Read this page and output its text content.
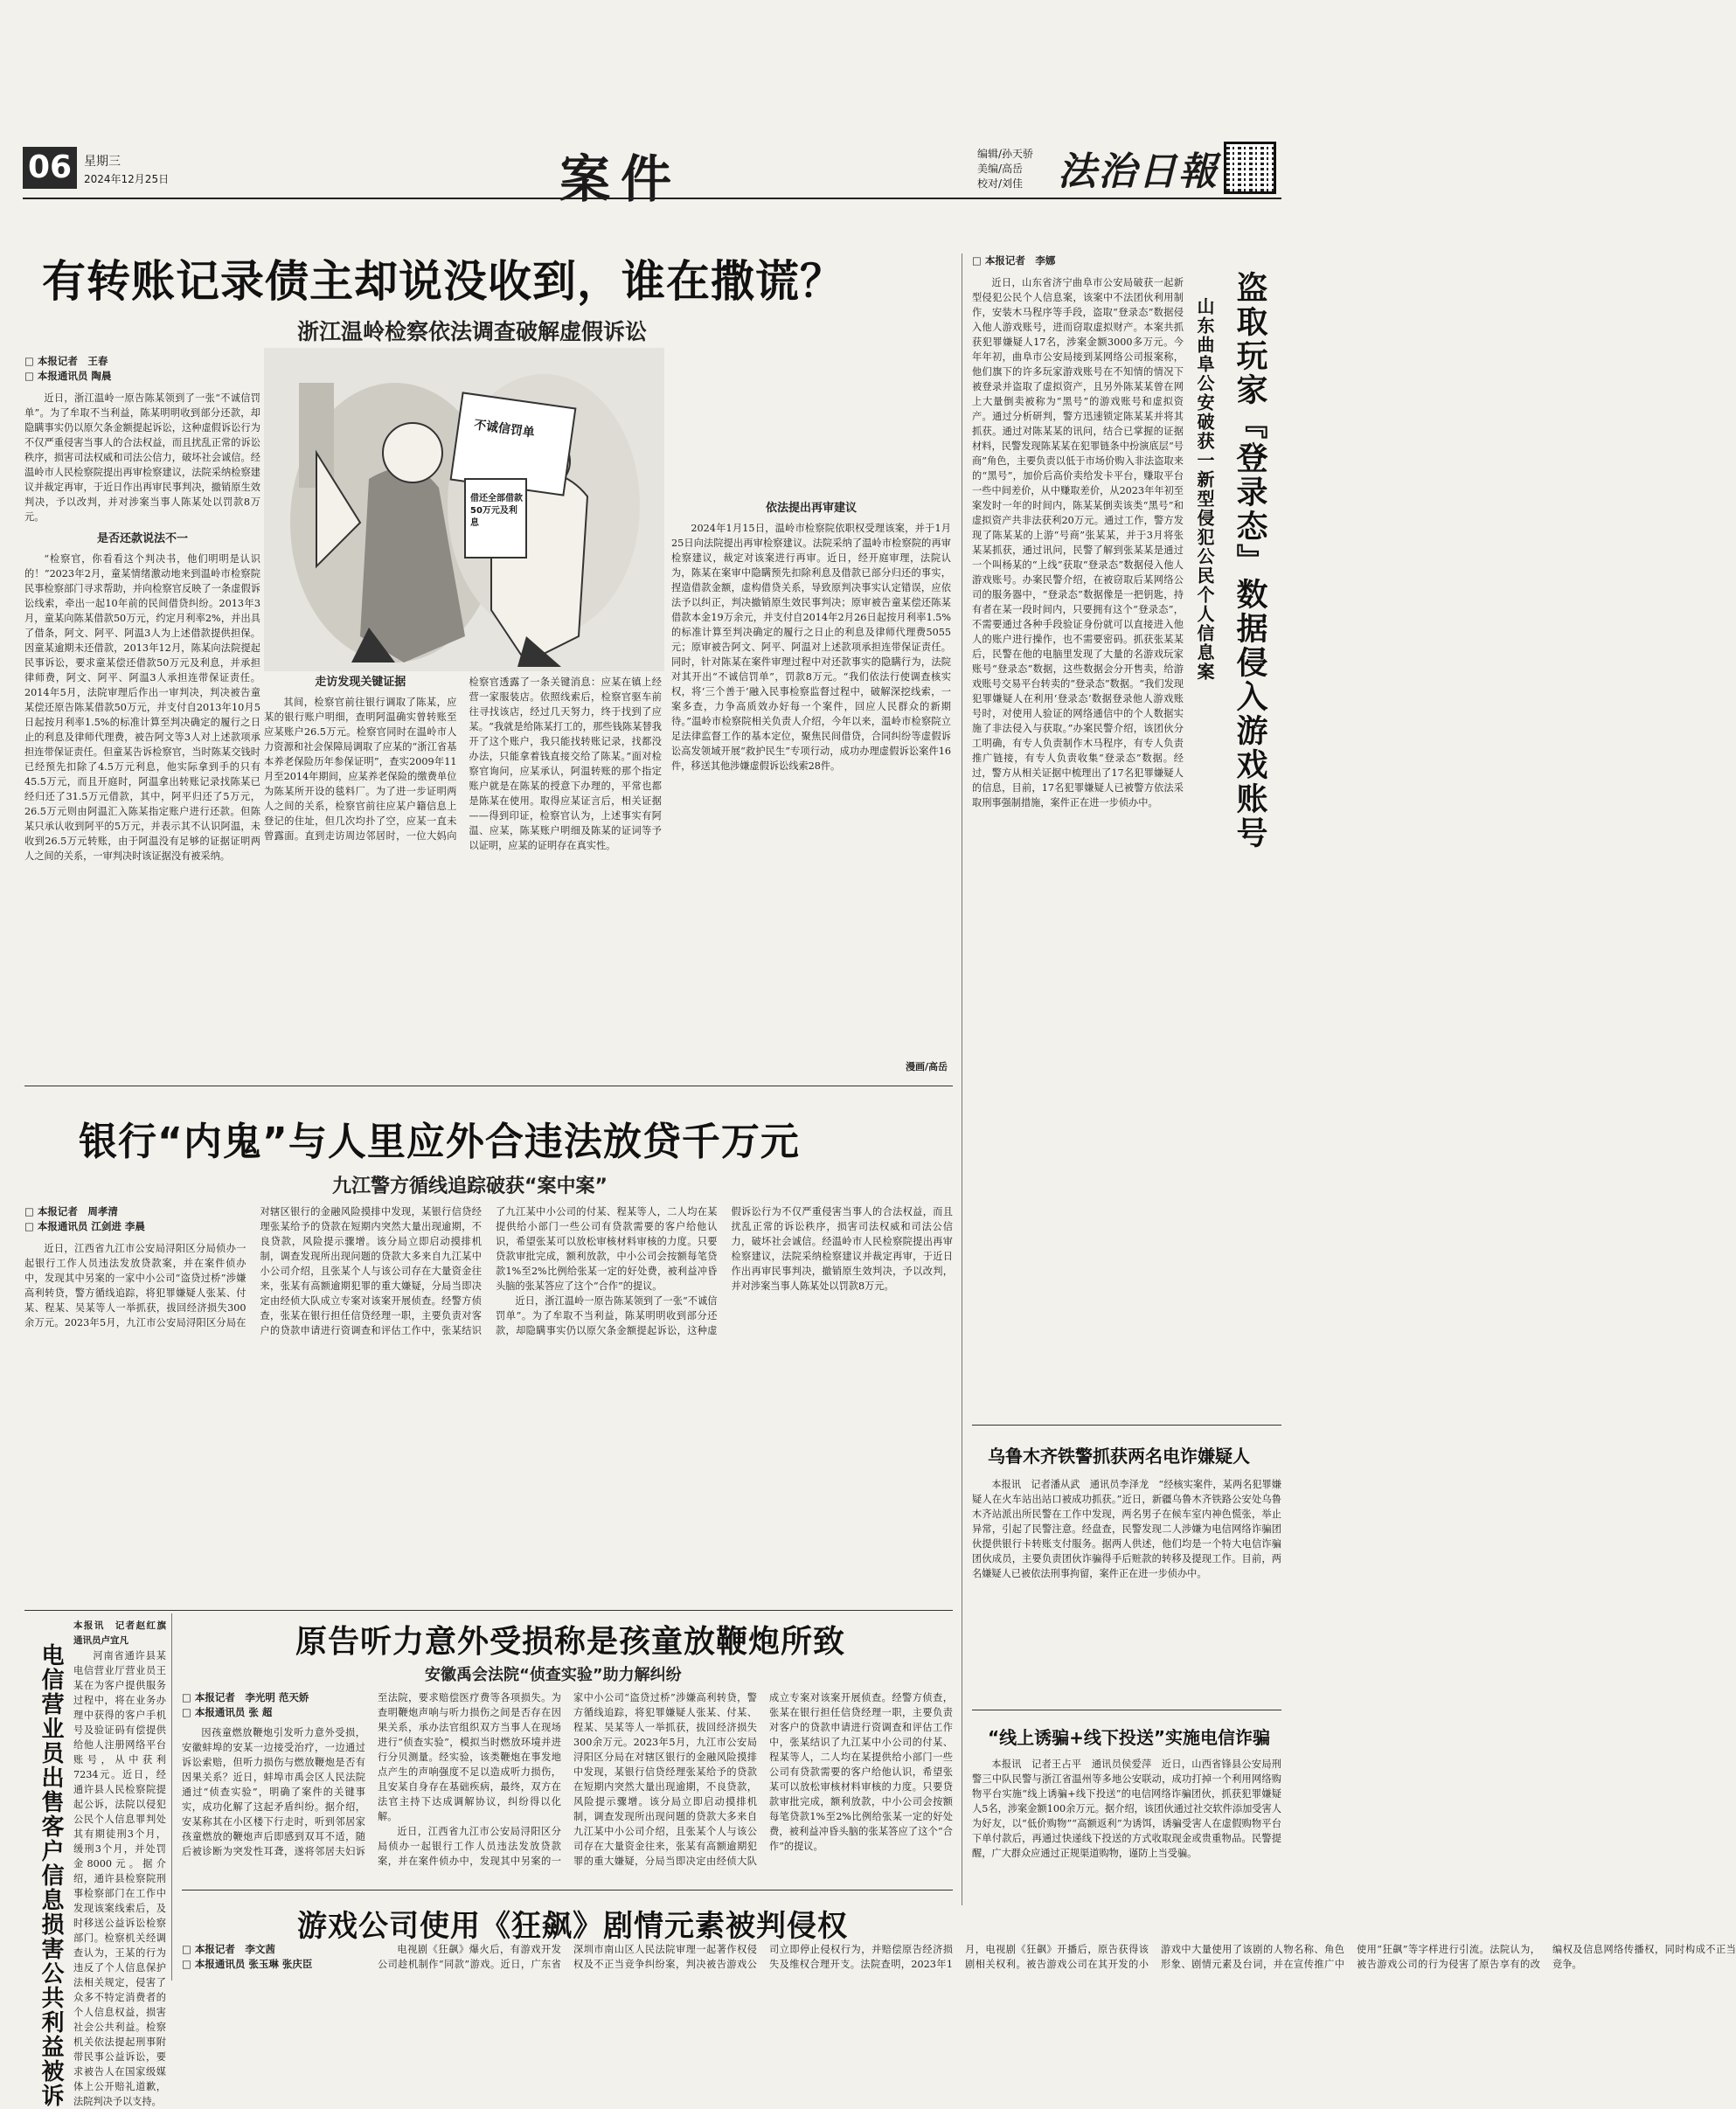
06 星期三
2024年12月25日	案件	编辑/孙天骄
美编/高岳
校对/刘佳 法治日報
有转账记录债主却说没收到，谁在撒谎？
浙江温岭检察依法调查破解虚假诉讼
□ 本报记者　王春
□ 本报通讯员 陶晨

近日，浙江温岭一原告陈某领到了一张“不诚信罚单”。为了牟取不当利益，陈某明明收到部分还款，却隐瞒事实仍以原欠条金额提起诉讼，这种虚假诉讼行为不仅严重侵害当事人的合法权益，而且扰乱正常的诉讼秩序，损害司法权威和司法公信力，破坏社会诚信。经温岭市人民检察院提出再审检察建议，法院采纳检察建议并裁定再审，于近日作出再审民事判决，撤销原生效判决，予以改判，并对涉案当事人陈某处以罚款8万元。

是否还款说法不一

“检察官，你看看这个判决书，他们明明是认识的！”2023年2月，童某情绪激动地来到温岭市检察院民事检察部门寻求帮助，并向检察官反映了一条虚假诉讼线索，牵出一起10年前的民间借贷纠纷。2013年3月，童某向陈某借款50万元，约定月利率2%，并出具了借条，阿文、阿平、阿温3人为上述借款提供担保。因童某逾期未还借款，2013年12月，陈某向法院提起民事诉讼，要求童某偿还借款50万元及利息，并承担律师费，阿文、阿平、阿温3人承担连带保证责任。2014年5月，法院审理后作出一审判决，判决被告童某偿还原告陈某借款50万元，并支付自2013年10月5日起按月利率1.5%的标准计算至判决确定的履行之日止的利息及律师代理费，被告阿文等3人对上述款项承担连带保证责任。但童某告诉检察官，当时陈某交钱时已经预先扣除了4.5万元利息，他实际拿到手的只有45.5万元，而且开庭时，阿温拿出转账记录找陈某已经归还了31.5万元借款，其中，阿平归还了5万元，26.5万元则由阿温汇入陈某指定账户进行还款。但陈某只承认收到阿平的5万元，并表示其不认识阿温，未收到26.5万元转账，由于阿温没有足够的证据证明两人之间的关系，一审判决时该证据没有被采纳。

不诚信罚单
借还全部借款50万元及利息
走访发现关键证据

其间，检察官前往银行调取了陈某，应某的银行账户明细，查明阿温确实曾转账至应某账户26.5万元。检察官同时在温岭市人力资源和社会保障局调取了应某的“浙江省基本养老保险历年参保证明”，查实2009年11月至2014年期间，应某养老保险的缴费单位为陈某所开设的毯料厂。为了进一步证明两人之间的关系，检察官前往应某户籍信息上登记的住址，但几次均扑了空，应某一直未曾露面。直到走访周边邻居时，一位大妈向检察官透露了一条关键消息：应某在镇上经营一家服装店。依照线索后，检察官驱车前往寻找该店，经过几天努力，终于找到了应某。“我就是给陈某打工的，那些钱陈某替我开了这个账户，我只能找转账记录，找都没办法，只能拿着钱直接交给了陈某。”面对检察官询问，应某承认，阿温转账的那个指定账户就是在陈某的授意下办理的，平常也都是陈某在使用。取得应某证言后，相关证据——得到印证，检察官认为，上述事实有阿温、应某，陈某账户明细及陈某的证词等予以证明，应某的证明存在真实性。

依法提出再审建议

2024年1月15日，温岭市检察院依职权受理该案，并于1月25日向法院提出再审检察建议。法院采纳了温岭市检察院的再审检察建议，裁定对该案进行再审。近日，经开庭审理，法院认为，陈某在案审中隐瞒预先扣除利息及借款已部分归还的事实，捏造借款金额，虚构借贷关系，导致原判决事实认定错误，应依法予以纠正，判决撤销原生效民事判决；原审被告童某偿还陈某借款本金19万余元，并支付自2014年2月26日起按月利率1.5%的标准计算至判决确定的履行之日止的利息及律师代理费5055元；原审被告阿文、阿平、阿温对上述款项承担连带保证责任。同时，针对陈某在案件审理过程中对还款事实的隐瞒行为，法院对其开出“不诚信罚单”，罚款8万元。“我们依法行使调查核实权，将‘三个善于’融入民事检察监督过程中，破解深挖线索，一案多查，力争高质效办好每一个案件，回应人民群众的新期待。”温岭市检察院相关负责人介绍，今年以来，温岭市检察院立足法律监督工作的基本定位，聚焦民间借贷，合同纠纷等虚假诉讼高发领域开展“救护民生”专项行动，成功办理虚假诉讼案件16件，移送其他涉嫌虚假诉讼线索28件。

漫画/高岳
□ 本报记者　李娜

近日，山东省济宁曲阜市公安局破获一起新型侵犯公民个人信息案，该案中不法团伙利用制作，安装木马程序等手段，盗取“登录态”数据侵入他人游戏账号，进而窃取虚拟财产。本案共抓获犯罪嫌疑人17名，涉案金额3000多万元。今年年初，曲阜市公安局接到某网络公司报案称，他们旗下的许多玩家游戏账号在不知情的情况下被登录并盗取了虚拟资产，且另外陈某某曾在网上大量倒卖被称为“黑号”的游戏账号和虚拟资产。通过分析研判，警方迅速锁定陈某某并将其抓获。通过对陈某某的讯问，结合已掌握的证据材料，民警发现陈某某在犯罪链条中扮演底层“号商”角色，主要负责以低于市场价购入非法盗取来的“黑号”，加价后高价卖给发卡平台，赚取平台一些中间差价，从中赚取差价，从2023年年初至案发时一年的时间内，陈某某倒卖该类“黑号”和虚拟资产共非法获利20万元。通过工作，警方发现了陈某某的上游“号商”张某某，并于3月将张某某抓获，通过讯问，民警了解到张某某是通过一个叫杨某的“上线”获取“登录态”数据侵入他人游戏账号。办案民警介绍，在被窃取后某网络公司的服务器中，“登录态”数据像是一把钥匙，持有者在某一段时间内，只要拥有这个“登录态”，不需要通过各种手段验证身份就可以直接进入他人的账户进行操作，也不需要密码。抓获张某某后，民警在他的电脑里发现了大量的名游戏玩家账号“登录态”数据，这些数据会分开售卖，给游戏账号交易平台转卖的“登录态”数据。“我们发现犯罪嫌疑人在利用‘登录态’数据登录他人游戏账号时，对使用人验证的网络通信中的个人数据实施了非法侵入与获取。”办案民警介绍，该团伙分工明确，有专人负责制作木马程序，有专人负责推广链接，有专人负责收集“登录态”数据。经过，警方从相关证据中梳理出了17名犯罪嫌疑人的信息，目前，17名犯罪嫌疑人已被警方依法采取刑事强制措施，案件正在进一步侦办中。	盗取玩家『登录态』数据侵入游戏账号
山东曲阜公安破获一新型侵犯公民个人信息案
银行“内鬼”与人里应外合违法放贷千万元
九江警方循线追踪破获“案中案”
□ 本报记者　周孝清
□ 本报通讯员 江剑进 李晨

近日，江西省九江市公安局浔阳区分局侦办一起银行工作人员违法发放贷款案，并在案件侦办中，发现其中另案的一家中小公司“盗贷过桥”涉嫌高利转贷，警方循线追踪，将犯罪嫌疑人张某、付某、程某、吴某等人一举抓获，拔回经济损失300余万元。2023年5月，九江市公安局浔阳区分局在对辖区银行的金融风险摸排中发现，某银行信贷经理张某给予的贷款在短期内突然大量出现逾期，不良贷款，风险提示骤增。该分局立即启动摸排机制，调查发现所出现问题的贷款大多来自九江某中小公司介绍，且张某个人与该公司存在大量资金往来，张某有高额逾期犯罪的重大嫌疑，分局当即决定由经侦大队成立专案对该案开展侦查。经警方侦查，张某在银行担任信贷经理一职，主要负责对客户的贷款申请进行资调查和评估工作中，张某结识了九江某中小公司的付某、程某等人，二人均在某提供给小部门一些公司有贷款需要的客户给他认识，希望张某可以放松审核材料审核的力度。只要贷款审批完成，额利放款，中小公司会按额每笔贷款1%至2%比例给张某一定的好处费，被利益冲昏头脑的张某答应了这个“合作”的提议。

近日，浙江温岭一原告陈某领到了一张“不诚信罚单”。为了牟取不当利益，陈某明明收到部分还款，却隐瞒事实仍以原欠条金额提起诉讼，这种虚假诉讼行为不仅严重侵害当事人的合法权益，而且扰乱正常的诉讼秩序，损害司法权威和司法公信力，破坏社会诚信。经温岭市人民检察院提出再审检察建议，法院采纳检察建议并裁定再审，于近日作出再审民事判决，撤销原生效判决，予以改判，并对涉案当事人陈某处以罚款8万元。

乌鲁木齐铁警抓获两名电诈嫌疑人

本报讯　记者潘从武　通讯员李泽龙　“经核实案件，某两名犯罪嫌疑人在火车站出站口被成功抓获。”近日，新疆乌鲁木齐铁路公安处乌鲁木齐站派出所民警在工作中发现，两名男子在候车室内神色慌张，举止异常，引起了民警注意。经盘查，民警发现二人涉嫌为电信网络诈骗团伙提供银行卡转账支付服务。据两人供述，他们均是一个特大电信诈骗团伙成员，主要负责团伙诈骗得手后赃款的转移及提现工作。目前，两名嫌疑人已被依法刑事拘留，案件正在进一步侦办中。

“线上诱骗+线下投送”实施电信诈骗

本报讯　记者王占平　通讯员侯爱萍　近日，山西省锋县公安局刑警三中队民警与浙江省温州等多地公安联动，成功打掉一个利用网络购物平台实施“线上诱骗+线下投送”的电信网络诈骗团伙，抓获犯罪嫌疑人5名，涉案金额100余万元。据介绍，该团伙通过社交软件添加受害人为好友，以“低价购物”“高额返利”为诱饵，诱骗受害人在虚假购物平台下单付款后，再通过快递线下投送的方式收取现金或贵重物品。民警提醒，广大群众应通过正规渠道购物，谨防上当受骗。

电信营业员出售客户信息损害公共利益被诉
本报讯　记者赵红旗　通讯员卢宜凡

河南省通许县某电信营业厅营业员王某在为客户提供服务过程中，将在业务办理中获得的客户手机号及验证码有偿提供给他人注册网络平台账号，从中获利7234元。近日，经通许县人民检察院提起公诉，法院以侵犯公民个人信息罪判处其有期徒刑3个月，缓刑3个月，并处罚金8000元。据介绍，通许县检察院刑事检察部门在工作中发现该案线索后，及时移送公益诉讼检察部门。检察机关经调查认为，王某的行为违反了个人信息保护法相关规定，侵害了众多不特定消费者的个人信息权益，损害社会公共利益。检察机关依法提起刑事附带民事公益诉讼，要求被告人在国家级媒体上公开赔礼道歉，法院判决予以支持。

原告听力意外受损称是孩童放鞭炮所致
安徽禹会法院“侦查实验”助力解纠纷
□ 本报记者　李光明 范天娇
□ 本报通讯员 张 超

因孩童燃放鞭炮引发听力意外受损，安徽蚌埠的安某一边接受治疗，一边通过诉讼索赔，但听力损伤与燃放鞭炮是否有因果关系？近日，蚌埠市禹会区人民法院通过“侦查实验”，明确了案件的关键事实，成功化解了这起矛盾纠纷。据介绍，安某称其在小区楼下行走时，听到邻居家孩童燃放的鞭炮声后即感到双耳不适，随后被诊断为突发性耳聋，遂将邻居夫妇诉至法院，要求赔偿医疗费等各项损失。为查明鞭炮声响与听力损伤之间是否存在因果关系，承办法官组织双方当事人在现场进行“侦查实验”，模拟当时燃放环境并进行分贝测量。经实验，该类鞭炮在事发地点产生的声响强度不足以造成听力损伤，且安某自身存在基础疾病，最终，双方在法官主持下达成调解协议，纠纷得以化解。

近日，江西省九江市公安局浔阳区分局侦办一起银行工作人员违法发放贷款案，并在案件侦办中，发现其中另案的一家中小公司“盗贷过桥”涉嫌高利转贷，警方循线追踪，将犯罪嫌疑人张某、付某、程某、吴某等人一举抓获，拔回经济损失300余万元。2023年5月，九江市公安局浔阳区分局在对辖区银行的金融风险摸排中发现，某银行信贷经理张某给予的贷款在短期内突然大量出现逾期，不良贷款，风险提示骤增。该分局立即启动摸排机制，调查发现所出现问题的贷款大多来自九江某中小公司介绍，且张某个人与该公司存在大量资金往来，张某有高额逾期犯罪的重大嫌疑，分局当即决定由经侦大队成立专案对该案开展侦查。经警方侦查，张某在银行担任信贷经理一职，主要负责对客户的贷款申请进行资调查和评估工作中，张某结识了九江某中小公司的付某、程某等人，二人均在某提供给小部门一些公司有贷款需要的客户给他认识，希望张某可以放松审核材料审核的力度。只要贷款审批完成，额利放款，中小公司会按额每笔贷款1%至2%比例给张某一定的好处费，被利益冲昏头脑的张某答应了这个“合作”的提议。

游戏公司使用《狂飙》剧情元素被判侵权
□ 本报记者　李文茜
□ 本报通讯员 张玉琳 张庆臣

电视剧《狂飙》爆火后，有游戏开发公司趁机制作“同款”游戏。近日，广东省深圳市南山区人民法院审理一起著作权侵权及不正当竞争纠纷案，判决被告游戏公司立即停止侵权行为，并赔偿原告经济损失及维权合理开支。法院查明，2023年1月，电视剧《狂飙》开播后，原告获得该剧相关权利。被告游戏公司在其开发的小游戏中大量使用了该剧的人物名称、角色形象、剧情元素及台词，并在宣传推广中使用“狂飙”等字样进行引流。法院认为，被告游戏公司的行为侵害了原告享有的改编权及信息网络传播权，同时构成不正当竞争。
